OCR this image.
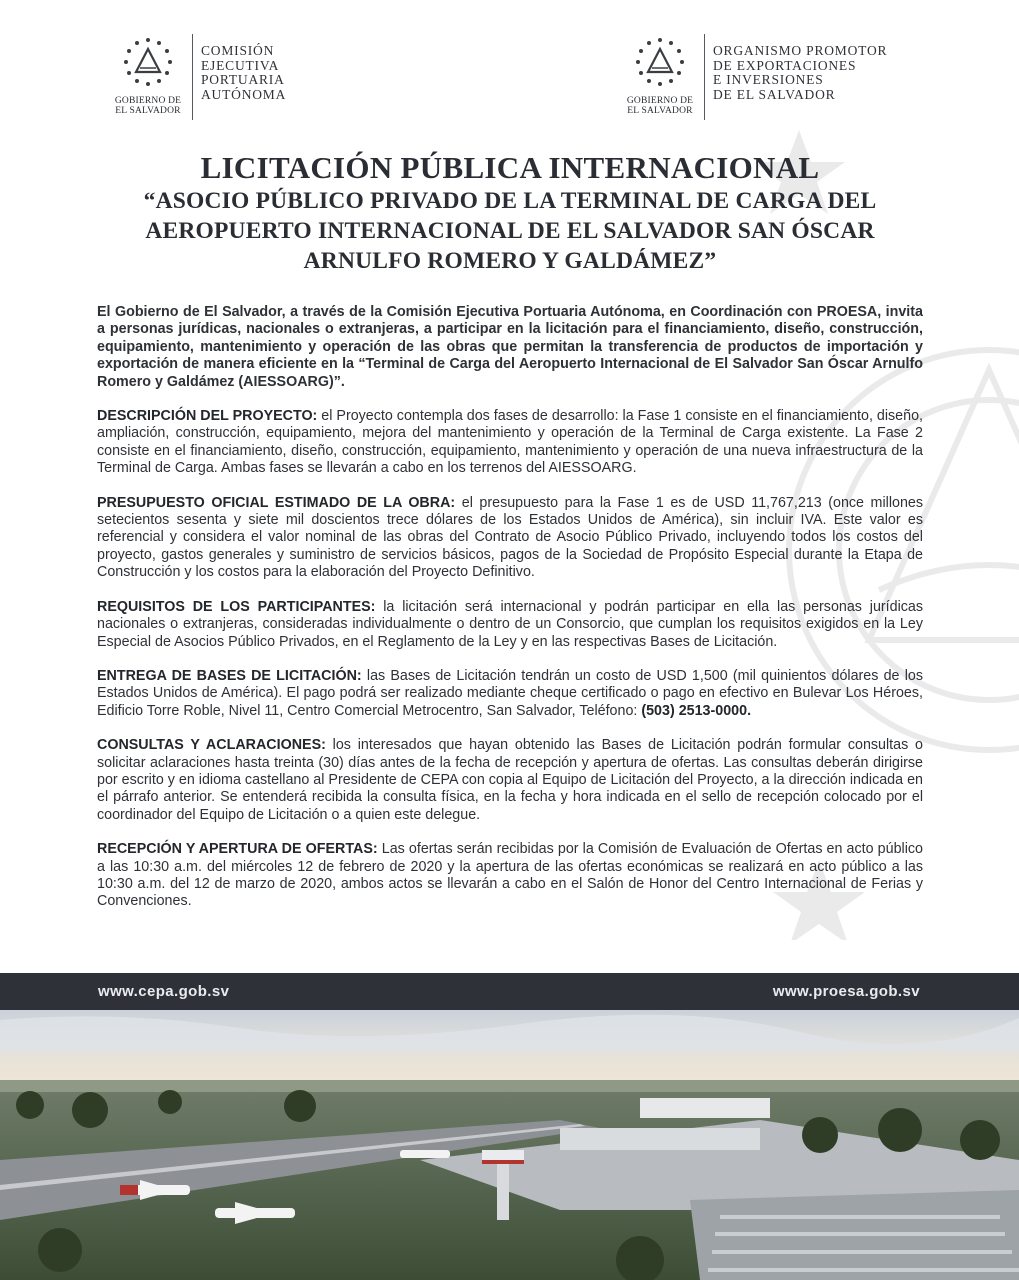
GOBIERNO DE
EL SALVADOR
COMISIÓN
EJECUTIVA
PORTUARIA
AUTÓNOMA	GOBIERNO DE
EL SALVADOR
ORGANISMO PROMOTOR
DE EXPORTACIONES
E INVERSIONES
DE EL SALVADOR
LICITACIÓN PÚBLICA INTERNACIONAL
“ASOCIO PÚBLICO PRIVADO DE LA TERMINAL DE CARGA DEL
AEROPUERTO INTERNACIONAL DE EL SALVADOR SAN ÓSCAR
ARNULFO ROMERO Y GALDÁMEZ”

El Gobierno de El Salvador, a través de la Comisión Ejecutiva Portuaria Autónoma, en Coordinación con PROESA, invita a personas jurídicas, nacionales o extranjeras, a participar en la licitación para el financiamiento, diseño, construcción, equipamiento, mantenimiento y operación de las obras que permitan la transferencia de productos de importación y exportación de manera eficiente en la “Terminal de Carga del Aeropuerto Internacional de El Salvador San Óscar Arnulfo Romero y Galdámez (AIESSOARG)”.

DESCRIPCIÓN DEL PROYECTO: el Proyecto contempla dos fases de desarrollo: la Fase 1 consiste en el financiamiento, diseño, ampliación, construcción, equipamiento, mejora del mantenimiento y operación de la Terminal de Carga existente. La Fase 2 consiste en el financiamiento, diseño, construcción, equipamiento, mantenimiento y operación de una nueva infraestructura de la Terminal de Carga. Ambas fases se llevarán a cabo en los terrenos del AIESSOARG.

PRESUPUESTO OFICIAL ESTIMADO DE LA OBRA: el presupuesto para la Fase 1 es de USD 11,767,213 (once millones setecientos sesenta y siete mil doscientos trece dólares de los Estados Unidos de América), sin incluir IVA. Este valor es referencial y considera el valor nominal de las obras del Contrato de Asocio Público Privado, incluyendo todos los costos del proyecto, gastos generales y suministro de servicios básicos, pagos de la Sociedad de Propósito Especial durante la Etapa de Construcción y los costos para la elaboración del Proyecto Definitivo.

REQUISITOS DE LOS PARTICIPANTES: la licitación será internacional y podrán participar en ella las personas jurídicas nacionales o extranjeras, consideradas individualmente o dentro de un Consorcio, que cumplan los requisitos exigidos en la Ley Especial de Asocios Público Privados, en el Reglamento de la Ley y en las respectivas Bases de Licitación.

ENTREGA DE BASES DE LICITACIÓN: las Bases de Licitación tendrán un costo de USD 1,500 (mil quinientos dólares de los Estados Unidos de América). El pago podrá ser realizado mediante cheque certificado o pago en efectivo en Bulevar Los Héroes, Edificio Torre Roble, Nivel 11, Centro Comercial Metrocentro, San Salvador, Teléfono: (503) 2513-0000.

CONSULTAS Y ACLARACIONES: los interesados que hayan obtenido las Bases de Licitación podrán formular consultas o solicitar aclaraciones hasta treinta (30) días antes de la fecha de recepción y apertura de ofertas. Las consultas deberán dirigirse por escrito y en idioma castellano al Presidente de CEPA con copia al Equipo de Licitación del Proyecto, a la dirección indicada en el párrafo anterior. Se entenderá recibida la consulta física, en la fecha y hora indicada en el sello de recepción colocado por el coordinador del Equipo de Licitación o a quien este delegue.

RECEPCIÓN Y APERTURA DE OFERTAS: Las ofertas serán recibidas por la Comisión de Evaluación de Ofertas en acto público a las 10:30 a.m. del miércoles 12 de febrero de 2020 y la apertura de las ofertas económicas se realizará en acto público a las 10:30 a.m. del 12 de marzo de 2020, ambos actos se llevarán a cabo en el Salón de Honor del Centro Internacional de Ferias y Convenciones.

www.cepa.gob.sv	www.proesa.gob.sv
